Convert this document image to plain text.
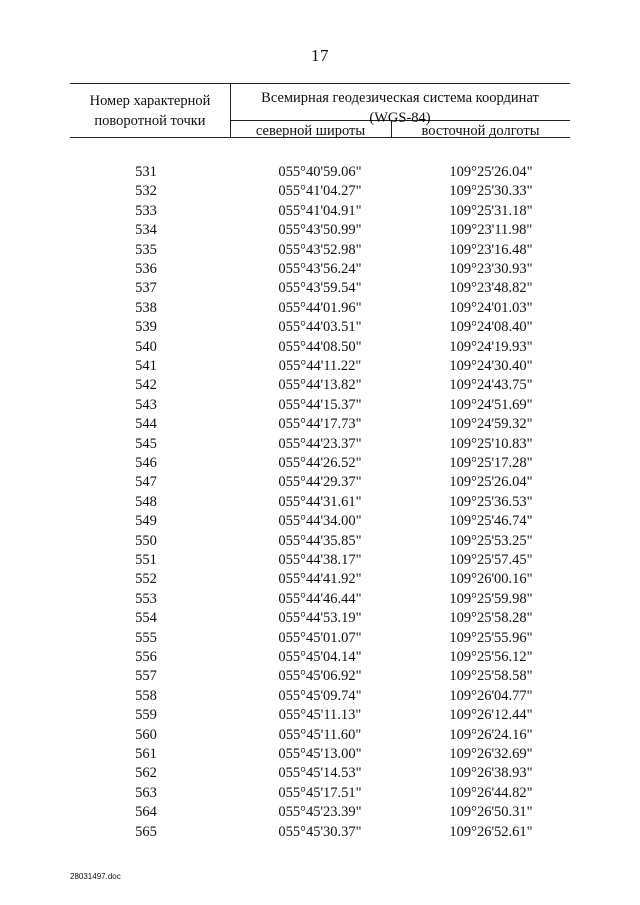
17
Номер характерной
поворотной точки
Всемирная геодезическая система координат
(WGS-84)
северной широты	восточной долготы
531	055°40'59.06"	109°25'26.04"
532	055°41'04.27"	109°25'30.33"
533	055°41'04.91"	109°25'31.18"
534	055°43'50.99"	109°23'11.98"
535	055°43'52.98"	109°23'16.48"
536	055°43'56.24"	109°23'30.93"
537	055°43'59.54"	109°23'48.82"
538	055°44'01.96"	109°24'01.03"
539	055°44'03.51"	109°24'08.40"
540	055°44'08.50"	109°24'19.93"
541	055°44'11.22"	109°24'30.40"
542	055°44'13.82"	109°24'43.75"
543	055°44'15.37"	109°24'51.69"
544	055°44'17.73"	109°24'59.32"
545	055°44'23.37"	109°25'10.83"
546	055°44'26.52"	109°25'17.28"
547	055°44'29.37"	109°25'26.04"
548	055°44'31.61"	109°25'36.53"
549	055°44'34.00"	109°25'46.74"
550	055°44'35.85"	109°25'53.25"
551	055°44'38.17"	109°25'57.45"
552	055°44'41.92"	109°26'00.16"
553	055°44'46.44"	109°25'59.98"
554	055°44'53.19"	109°25'58.28"
555	055°45'01.07"	109°25'55.96"
556	055°45'04.14"	109°25'56.12"
557	055°45'06.92"	109°25'58.58"
558	055°45'09.74"	109°26'04.77"
559	055°45'11.13"	109°26'12.44"
560	055°45'11.60"	109°26'24.16"
561	055°45'13.00"	109°26'32.69"
562	055°45'14.53"	109°26'38.93"
563	055°45'17.51"	109°26'44.82"
564	055°45'23.39"	109°26'50.31"
565	055°45'30.37"	109°26'52.61"
28031497.doc
